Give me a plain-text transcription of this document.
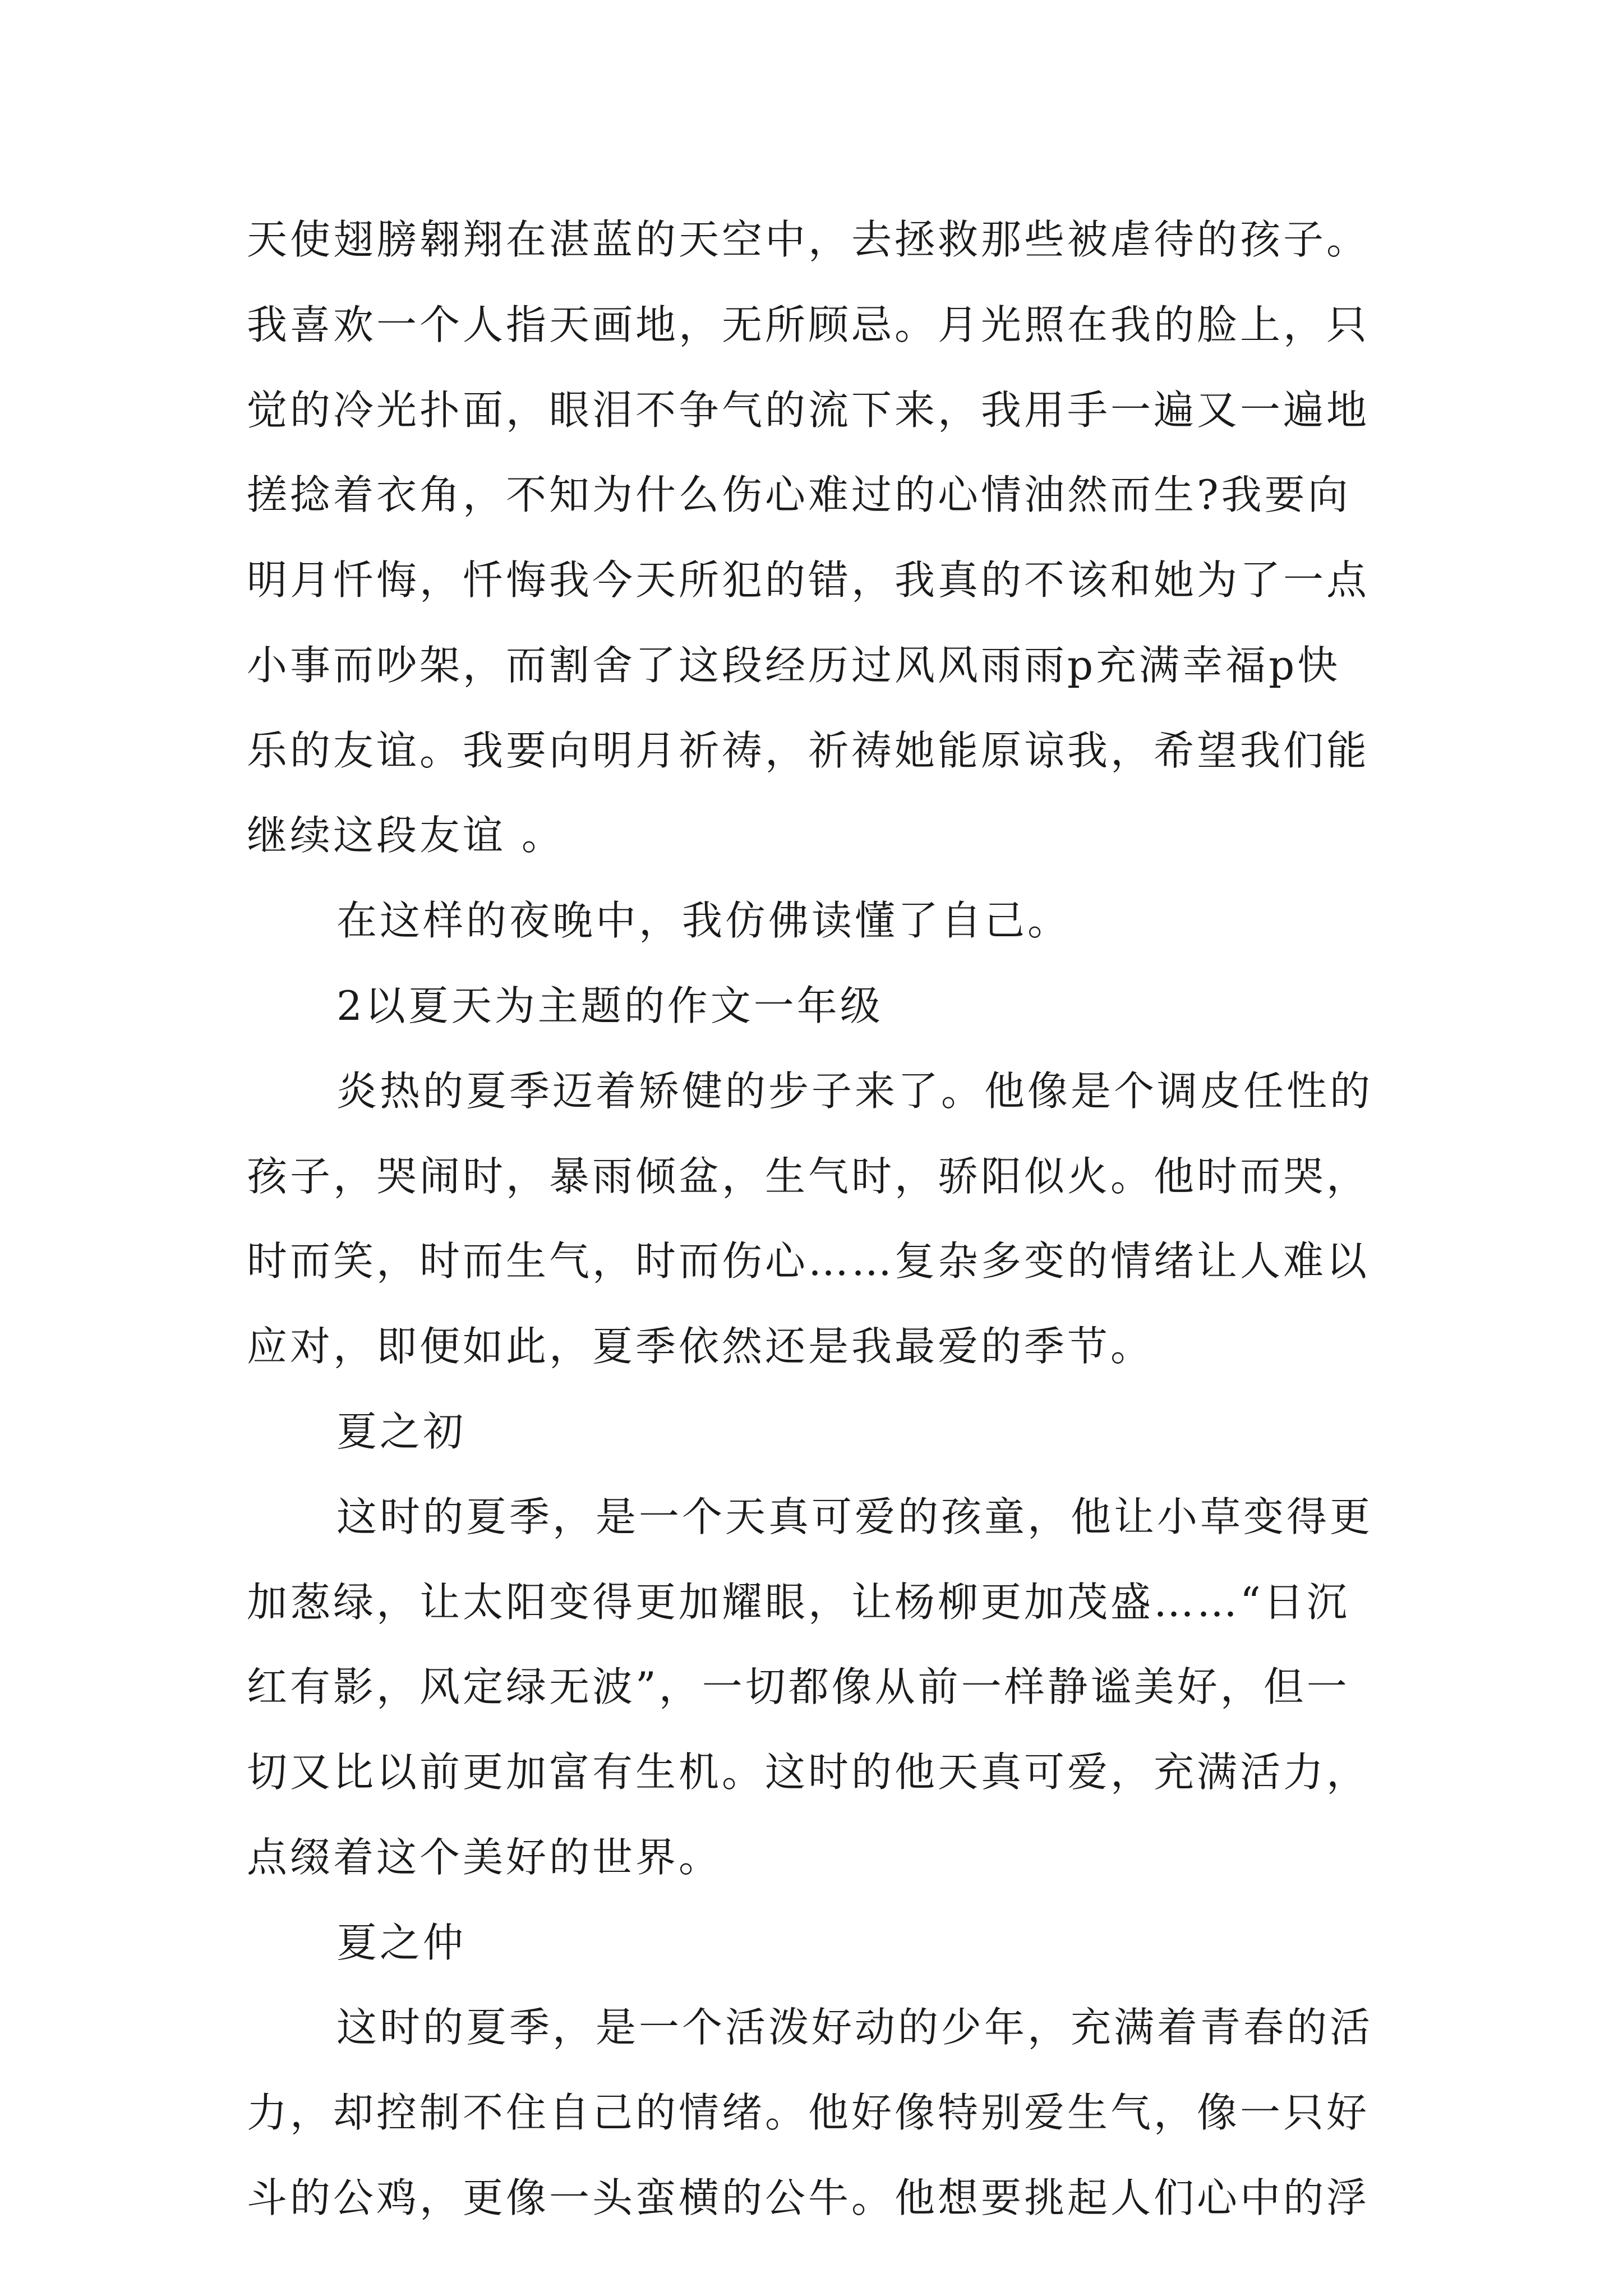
天使翅膀翱翔在湛蓝的天空中，去拯救那些被虐待的孩子。
我喜欢一个人指天画地，无所顾忌。月光照在我的脸上，只
觉的冷光扑面，眼泪不争气的流下来，我用手一遍又一遍地
搓捻着衣角，不知为什么伤心难过的心情油然而生?我要向
明月忏悔，忏悔我今天所犯的错，我真的不该和她为了一点
小事而吵架，而割舍了这段经历过风风雨雨p充满幸福p快
乐的友谊。我要向明月祈祷，祈祷她能原谅我，希望我们能
继续这段友谊 。
在这样的夜晚中，我仿佛读懂了自己。
2以夏天为主题的作文一年级
炎热的夏季迈着矫健的步子来了。他像是个调皮任性的
孩子，哭闹时，暴雨倾盆，生气时，骄阳似火。他时而哭，
时而笑，时而生气，时而伤心……复杂多变的情绪让人难以
应对，即便如此，夏季依然还是我最爱的季节。
夏之初
这时的夏季，是一个天真可爱的孩童，他让小草变得更
加葱绿，让太阳变得更加耀眼，让杨柳更加茂盛……“日沉
红有影，风定绿无波”，一切都像从前一样静谧美好，但一
切又比以前更加富有生机。这时的他天真可爱，充满活力，
点缀着这个美好的世界。
夏之仲
这时的夏季，是一个活泼好动的少年，充满着青春的活
力，却控制不住自己的情绪。他好像特别爱生气，像一只好
斗的公鸡，更像一头蛮横的公牛。他想要挑起人们心中的浮
